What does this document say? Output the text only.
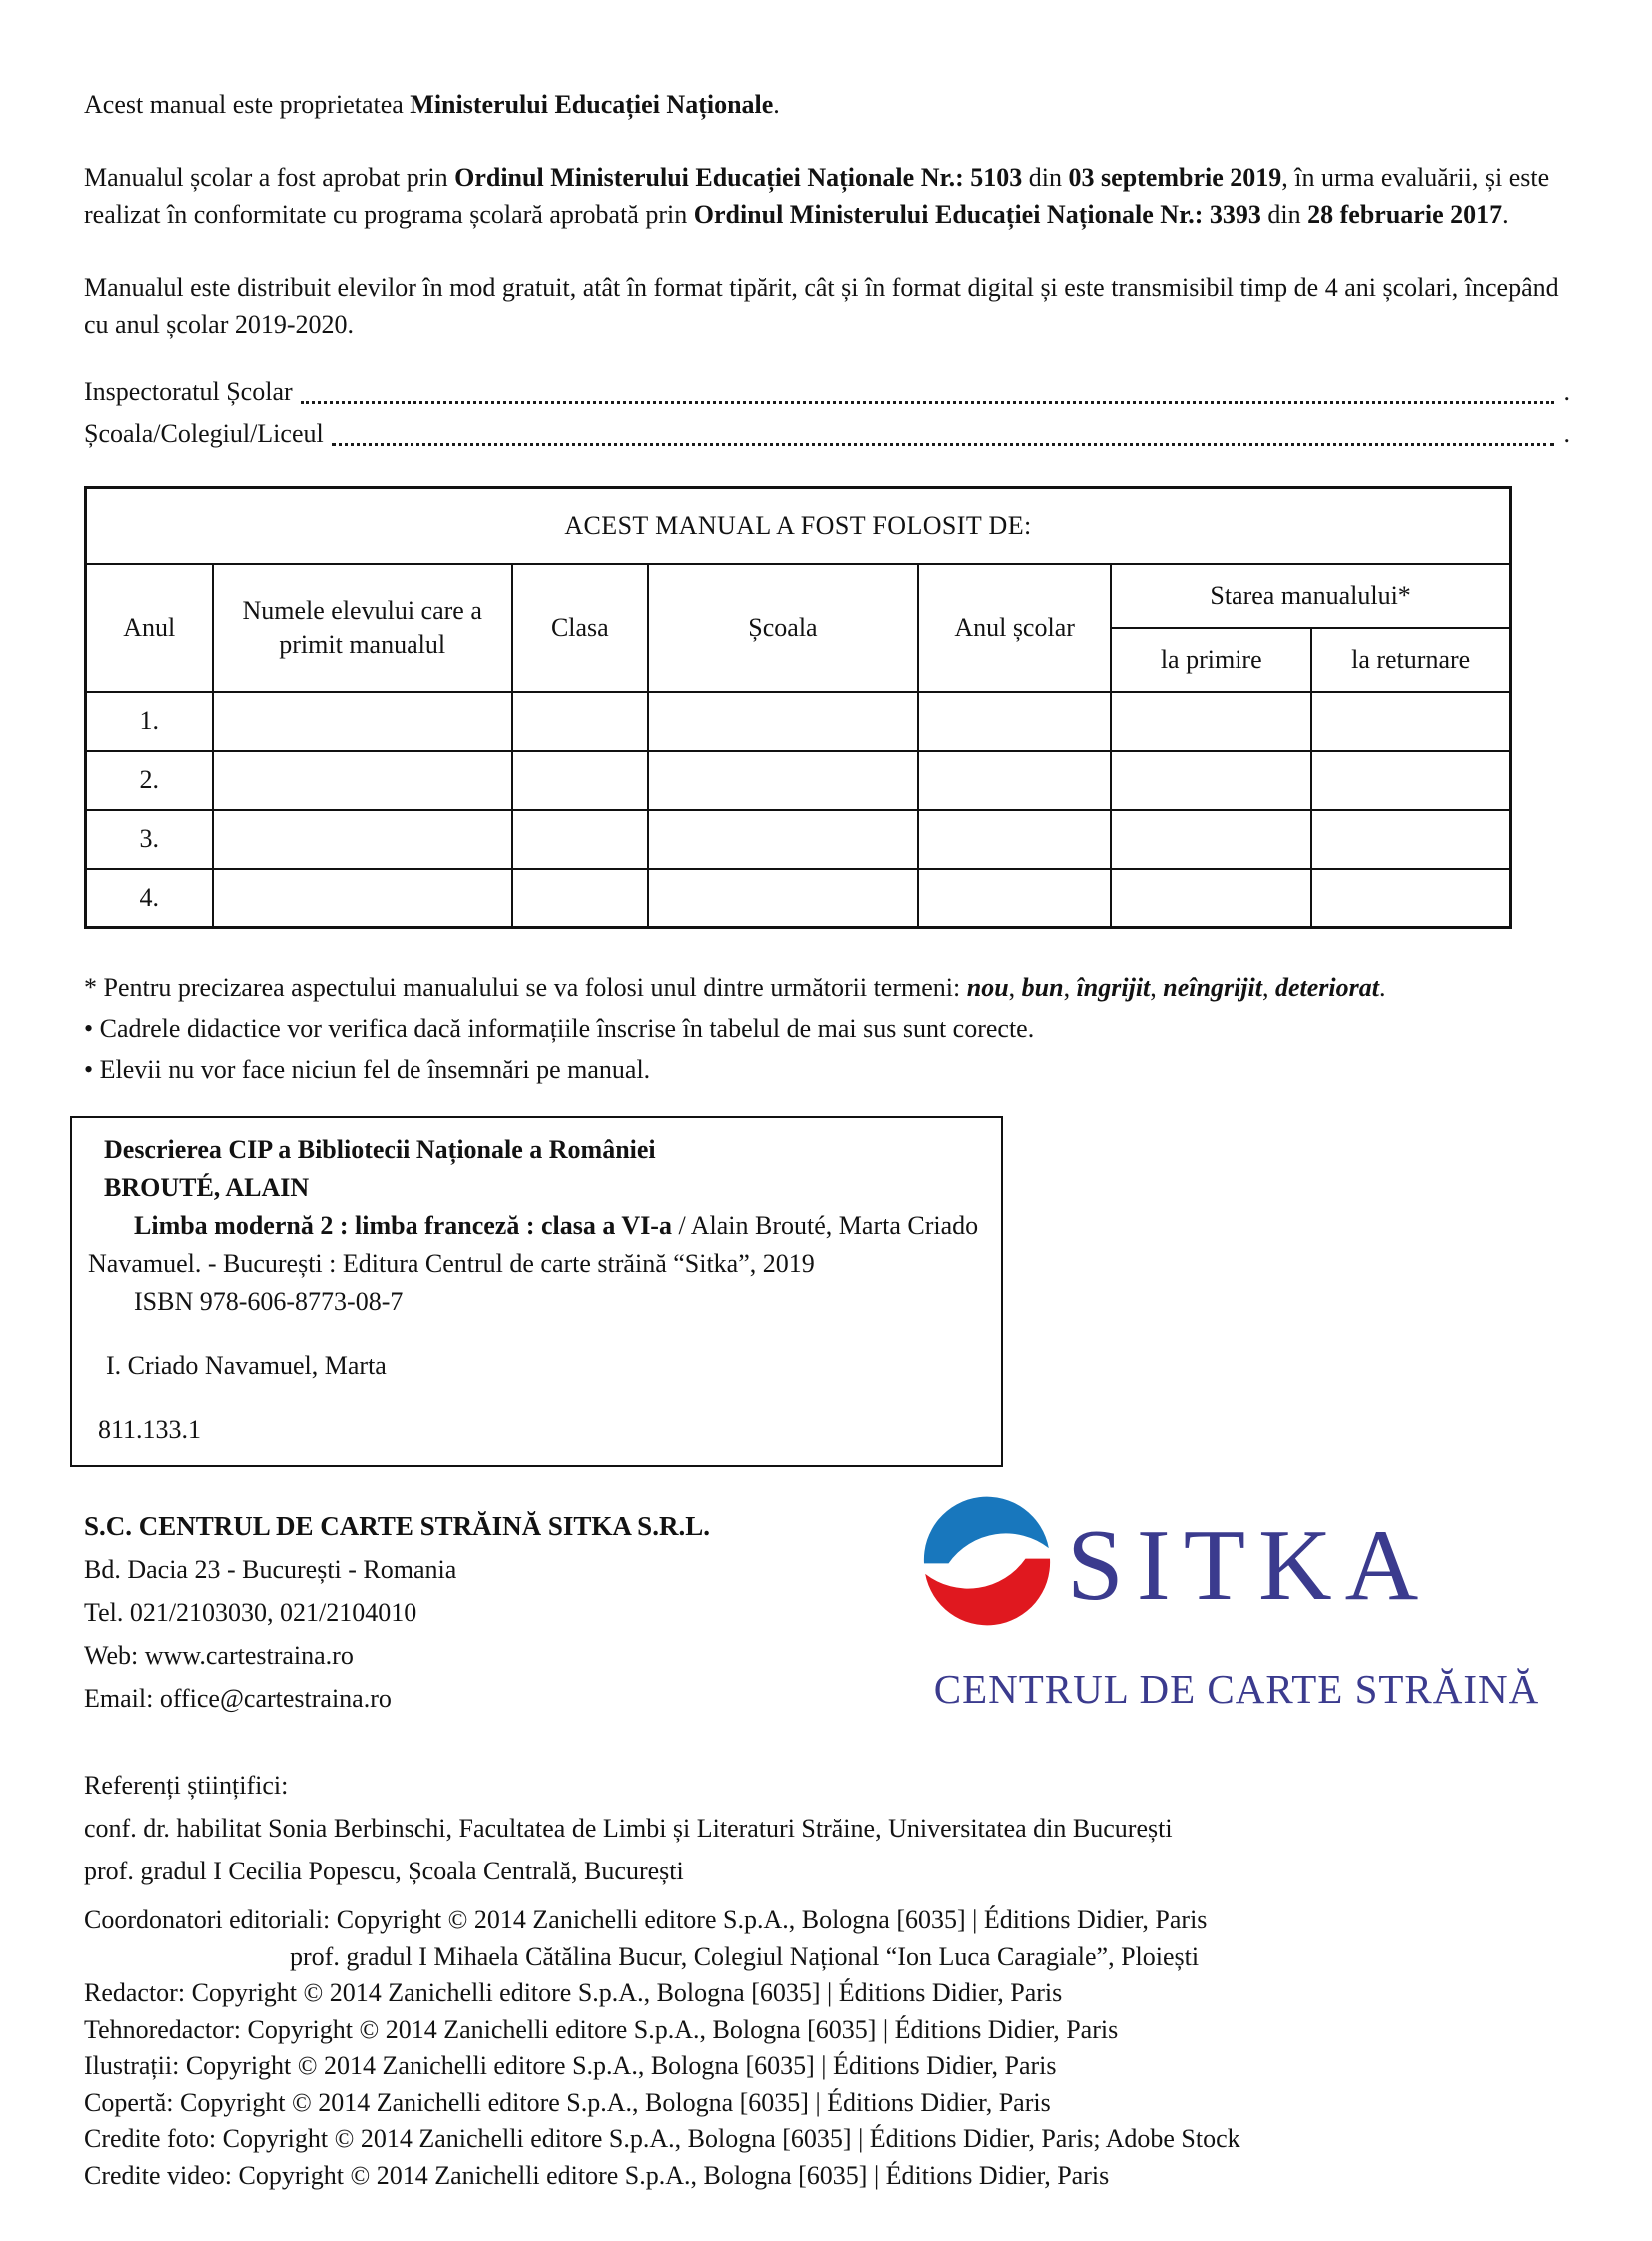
Acest manual este proprietatea Ministerului Educației Naționale.

Manualul școlar a fost aprobat prin Ordinul Ministerului Educației Naționale Nr.: 5103 din 03 septembrie 2019, în urma evaluării, și este realizat în conformitate cu programa școlară aprobată prin Ordinul Ministerului Educației Naționale Nr.: 3393 din 28 februarie 2017.

Manualul este distribuit elevilor în mod gratuit, atât în format tipărit, cât și în format digital și este transmisibil timp de 4 ani școlari, începând cu anul școlar 2019-2020.

Inspectoratul Școlar	.
Școala/Colegiul/Liceul	.
ACEST MANUAL A FOST FOLOSIT DE:						
Anul	Numele elevului care a primit manualul	Clasa	Școala	Anul școlar	Starea manualului*	
					la primire	la returnare
1.						
2.						
3.						
4.						
* Pentru precizarea aspectului manualului se va folosi unul dintre următorii termeni: nou, bun, îngrijit, neîngrijit, deteriorat.
• Cadrele didactice vor verifica dacă informațiile înscrise în tabelul de mai sus sunt corecte.
• Elevii nu vor face niciun fel de însemnări pe manual.
Descrierea CIP a Bibliotecii Naționale a României
BROUTÉ, ALAIN

Limba modernă 2 : limba franceză : clasa a VI-a / Alain Brouté, Marta Criado Navamuel. - București : Editura Centrul de carte străină “Sitka”, 2019

ISBN 978-606-8773-08-7
I. Criado Navamuel, Marta
811.133.1
S.C. CENTRUL DE CARTE STRĂINĂ SITKA S.R.L.
Bd. Dacia 23 - București - Romania
Tel. 021/2103030, 021/2104010
Web: www.cartestraina.ro
Email: office@cartestraina.ro
SITKA
CENTRUL DE CARTE STRĂINĂ
Referenți științifici:
conf. dr. habilitat Sonia Berbinschi, Facultatea de Limbi și Literaturi Străine, Universitatea din București
prof. gradul I Cecilia Popescu, Școala Centrală, București
Coordonatori editoriali: Copyright © 2014 Zanichelli editore S.p.A., Bologna [6035] | Éditions Didier, Paris
prof. gradul I Mihaela Cătălina Bucur, Colegiul Național “Ion Luca Caragiale”, Ploiești
Redactor: Copyright © 2014 Zanichelli editore S.p.A., Bologna [6035] | Éditions Didier, Paris
Tehnoredactor: Copyright © 2014 Zanichelli editore S.p.A., Bologna [6035] | Éditions Didier, Paris
Ilustrații: Copyright © 2014 Zanichelli editore S.p.A., Bologna [6035] | Éditions Didier, Paris
Copertă: Copyright © 2014 Zanichelli editore S.p.A., Bologna [6035] | Éditions Didier, Paris
Credite foto: Copyright © 2014 Zanichelli editore S.p.A., Bologna [6035] | Éditions Didier, Paris; Adobe Stock
Credite video: Copyright © 2014 Zanichelli editore S.p.A., Bologna [6035] | Éditions Didier, Paris
